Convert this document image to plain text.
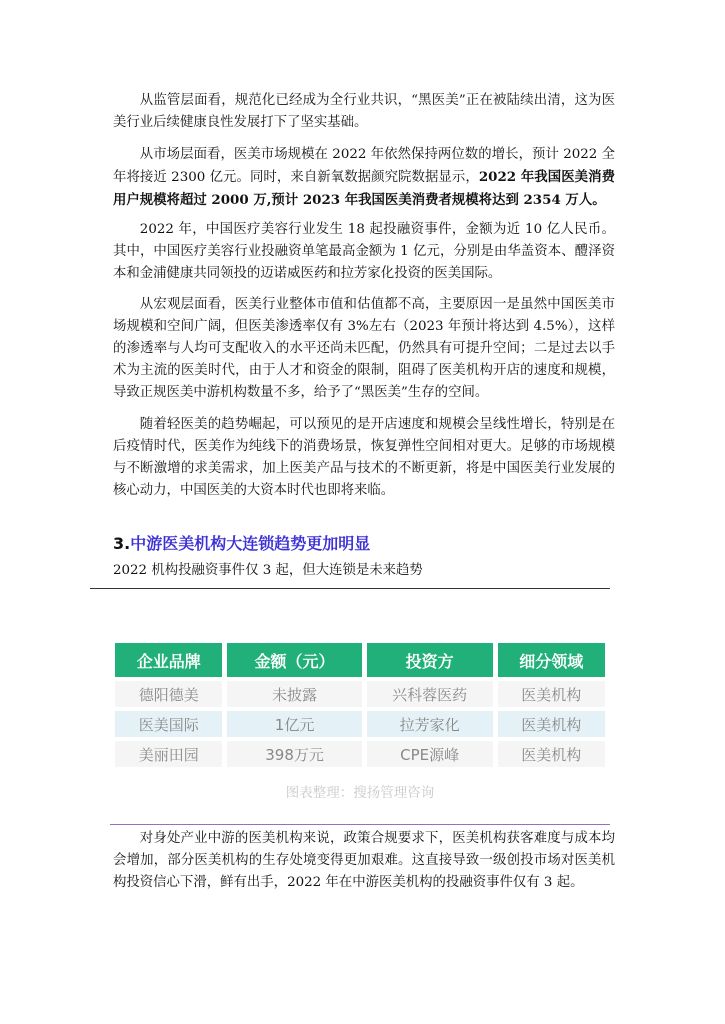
从监管层面看，规范化已经成为全行业共识，“黑医美”正在被陆续出清，这为医美行业后续健康良性发展打下了坚实基础。

从市场层面看，医美市场规模在 2022 年依然保持两位数的增长，预计 2022 全年将接近 2300 亿元。同时，来自新氧数据颜究院数据显示，2022 年我国医美消费用户规模将超过 2000 万,预计 2023 年我国医美消费者规模将达到 2354 万人。

2022 年，中国医疗美容行业发生 18 起投融资事件，金额为近 10 亿人民币。其中，中国医疗美容行业投融资单笔最高金额为 1 亿元，分别是由华盖资本、醴泽资本和金浦健康共同领投的迈诺威医药和拉芳家化投资的医美国际。

从宏观层面看，医美行业整体市值和估值都不高，主要原因一是虽然中国医美市场规模和空间广阔，但医美渗透率仅有 3%左右（2023 年预计将达到 4.5%），这样的渗透率与人均可支配收入的水平还尚未匹配，仍然具有可提升空间；二是过去以手术为主流的医美时代，由于人才和资金的限制，阻碍了医美机构开店的速度和规模，导致正规医美中游机构数量不多，给予了“黑医美”生存的空间。

随着轻医美的趋势崛起，可以预见的是开店速度和规模会呈线性增长，特别是在后疫情时代，医美作为纯线下的消费场景，恢复弹性空间相对更大。足够的市场规模与不断激增的求美需求，加上医美产品与技术的不断更新，将是中国医美行业发展的核心动力，中国医美的大资本时代也即将来临。

3.中游医美机构大连锁趋势更加明显
2022 机构投融资事件仅 3 起，但大连锁是未来趋势
企业品牌	金额（元）	投资方	细分领域
德阳德美	未披露	兴科蓉医药	医美机构
医美国际	1亿元	拉芳家化	医美机构
美丽田园	398万元	CPE源峰	医美机构
图表整理：搜扬管理咨询

对身处产业中游的医美机构来说，政策合规要求下，医美机构获客难度与成本均会增加，部分医美机构的生存处境变得更加艰难。这直接导致一级创投市场对医美机构投资信心下滑，鲜有出手，2022 年在中游医美机构的投融资事件仅有 3 起。
